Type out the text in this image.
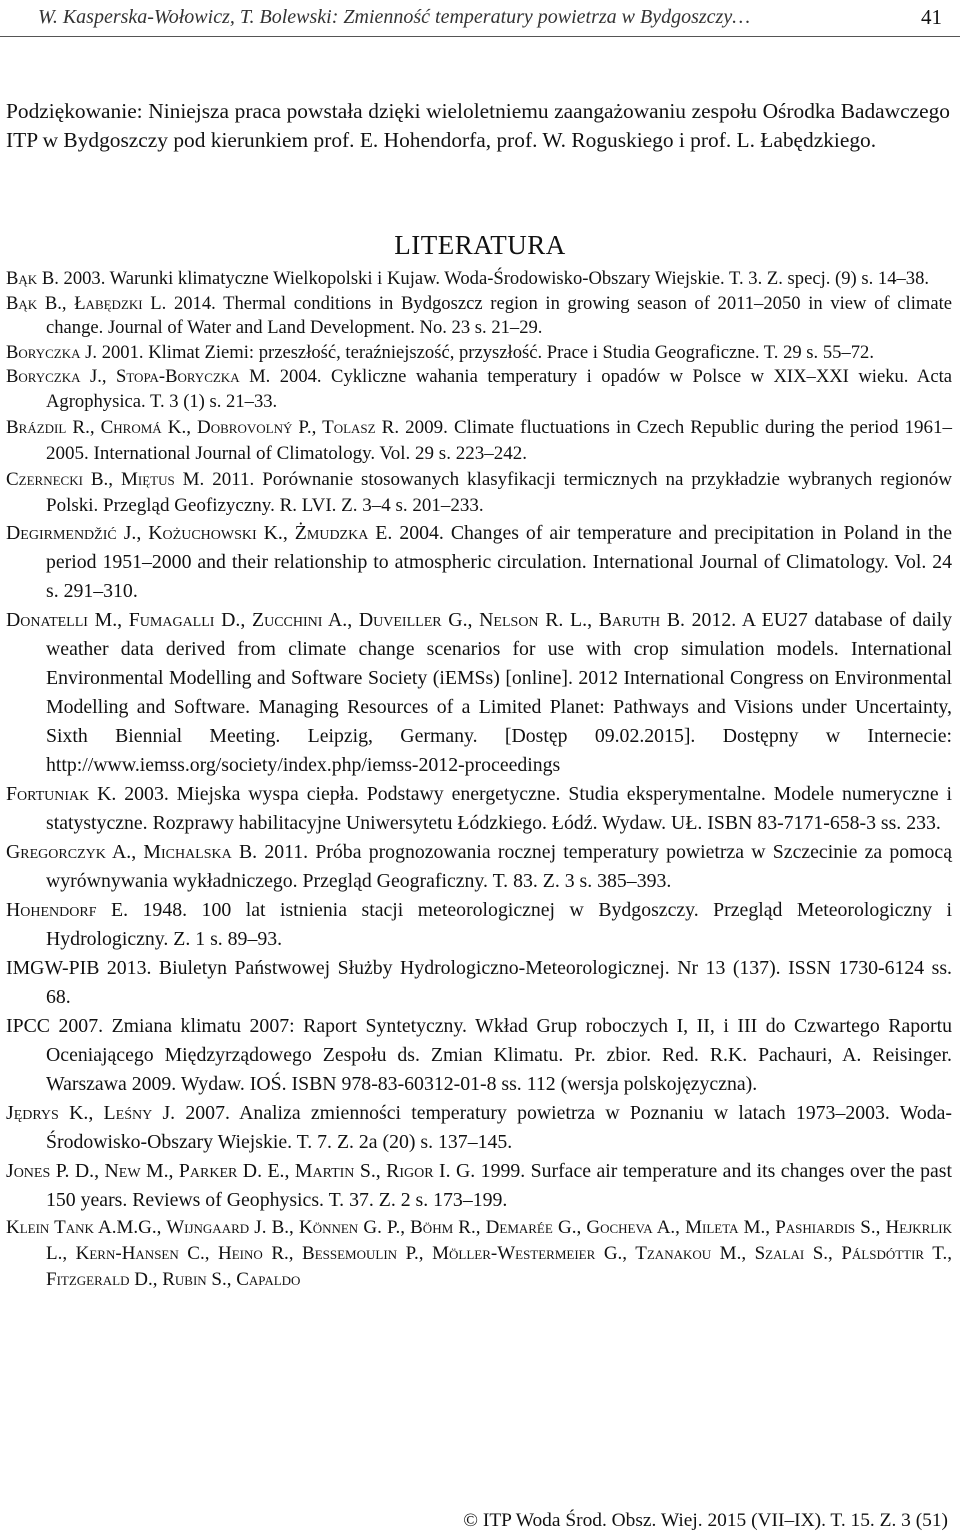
W. Kasperska-Wołowicz, T. Bolewski: Zmienność temperatury powietrza w Bydgoszczy…	41

Podziękowanie: Niniejsza praca powstała dzięki wieloletniemu zaangażowaniu zespołu Ośrodka Badawczego ITP w Bydgoszczy pod kierunkiem prof. E. Hohendorfa, prof. W. Roguskiego i prof. L. Łabędzkiego.

LITERATURA

Bąk B. 2003. Warunki klimatyczne Wielkopolski i Kujaw. Woda-Środowisko-Obszary Wiejskie. T. 3. Z. specj. (9) s. 14–38.

Bąk B., Łabędzki L. 2014. Thermal conditions in Bydgoszcz region in growing season of 2011–2050 in view of climate change. Journal of Water and Land Development. No. 23 s. 21–29.

Boryczka J. 2001. Klimat Ziemi: przeszłość, teraźniejszość, przyszłość. Prace i Studia Geograficzne. T. 29 s. 55–72.

Boryczka J., Stopa-Boryczka M. 2004. Cykliczne wahania temperatury i opadów w Polsce w XIX–XXI wieku. Acta Agrophysica. T. 3 (1) s. 21–33.

Brázdil R., Chromá K., Dobrovolný P., Tolasz R. 2009. Climate fluctuations in Czech Republic during the period 1961–2005. International Journal of Climatology. Vol. 29 s. 223–242.

Czernecki B., Miętus M. 2011. Porównanie stosowanych klasyfikacji termicznych na przykładzie wybranych regionów Polski. Przegląd Geofizyczny. R. LVI. Z. 3–4 s. 201–233.

Degirmendžić J., Kożuchowski K., Żmudzka E. 2004. Changes of air temperature and precipitation in Poland in the period 1951–2000 and their relationship to atmospheric circulation. International Journal of Climatology. Vol. 24 s. 291–310.

Donatelli M., Fumagalli D., Zucchini A., Duveiller G., Nelson R. L., Baruth B. 2012. A EU27 database of daily weather data derived from climate change scenarios for use with crop simulation models. International Environmental Modelling and Software Society (iEMSs) [online]. 2012 International Congress on Environmental Modelling and Software. Managing Resources of a Limited Planet: Pathways and Visions under Uncertainty, Sixth Biennial Meeting. Leipzig, Germany. [Dostęp 09.02.2015]. Dostępny w Internecie: http://www.iemss.org/society/index.php/iemss-2012-proceedings

Fortuniak K. 2003. Miejska wyspa ciepła. Podstawy energetyczne. Studia eksperymentalne. Modele numeryczne i statystyczne. Rozprawy habilitacyjne Uniwersytetu Łódzkiego. Łódź. Wydaw. UŁ. ISBN 83-7171-658-3 ss. 233.

Gregorczyk A., Michalska B. 2011. Próba prognozowania rocznej temperatury powietrza w Szczecinie za pomocą wyrównywania wykładniczego. Przegląd Geograficzny. T. 83. Z. 3 s. 385–393.

Hohendorf E. 1948. 100 lat istnienia stacji meteorologicznej w Bydgoszczy. Przegląd Meteorologiczny i Hydrologiczny. Z. 1 s. 89–93.

IMGW-PIB 2013. Biuletyn Państwowej Służby Hydrologiczno-Meteorologicznej. Nr 13 (137). ISSN 1730-6124 ss. 68.

IPCC 2007. Zmiana klimatu 2007: Raport Syntetyczny. Wkład Grup roboczych I, II, i III do Czwartego Raportu Oceniającego Międzyrządowego Zespołu ds. Zmian Klimatu. Pr. zbior. Red. R.K. Pachauri, A. Reisinger. Warszawa 2009. Wydaw. IOŚ. ISBN 978-83-60312-01-8 ss. 112 (wersja polskojęzyczna).

Jędrys K., Leśny J. 2007. Analiza zmienności temperatury powietrza w Poznaniu w latach 1973–2003. Woda-Środowisko-Obszary Wiejskie. T. 7. Z. 2a (20) s. 137–145.

Jones P. D., New M., Parker D. E., Martin S., Rigor I. G. 1999. Surface air temperature and its changes over the past 150 years. Reviews of Geophysics. T. 37. Z. 2 s. 173–199.

Klein Tank A.M.G., Wijngaard J. B., Können G. P., Böhm R., Demarée G., Gocheva A., Mileta M., Pashiardis S., Hejkrlik L., Kern-Hansen C., Heino R., Bessemoulin P., Möller-Westermeier G., Tzanakou M., Szalai S., Pálsdóttir T., Fitzgerald D., Rubin S., Capaldo

© ITP Woda Środ. Obsz. Wiej. 2015 (VII–IX). T. 15. Z. 3 (51)
